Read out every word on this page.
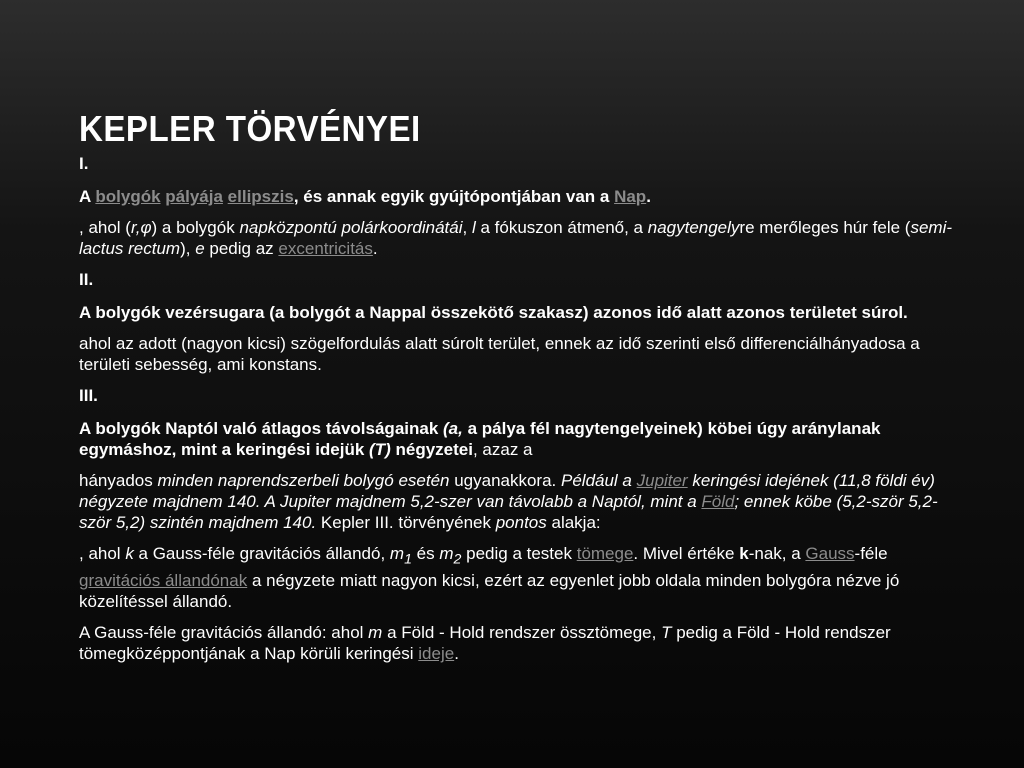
KEPLER TÖRVÉNYEI

I.

A bolygók pályája ellipszis, és annak egyik gyújtópontjában van a Nap.

, ahol (r,φ) a bolygók napközpontú polárkoordinátái, l a fókuszon átmenő, a nagytengelyre merőleges húr fele (semi-lactus rectum), e pedig az excentricitás.

II.

A bolygók vezérsugara (a bolygót a Nappal összekötő szakasz) azonos idő alatt azonos területet súrol.

ahol az adott (nagyon kicsi) szögelfordulás alatt súrolt terület, ennek az idő szerinti első differenciálhányadosa a területi sebesség, ami konstans.

III.

A bolygók Naptól való átlagos távolságainak (a, a pálya fél nagytengelyeinek) köbei úgy aránylanak egymáshoz, mint a keringési idejük (T) négyzetei, azaz a

hányados minden naprendszerbeli bolygó esetén ugyanakkora. Például a Jupiter keringési idejének (11,8 földi év) négyzete majdnem 140. A Jupiter majdnem 5,2-szer van távolabb a Naptól, mint a Föld; ennek köbe (5,2-ször 5,2-ször 5,2) szintén majdnem 140. Kepler III. törvényének pontos alakja:

, ahol k a Gauss-féle gravitációs állandó, $m_1$ és $m_2$ pedig a testek tömege. Mivel értéke k-nak, a Gauss-féle gravitációs állandónak a négyzete miatt nagyon kicsi, ezért az egyenlet jobb oldala minden bolygóra nézve jó közelítéssel állandó.

A Gauss-féle gravitációs állandó: ahol m a Föld - Hold rendszer össztömege, T pedig a Föld - Hold rendszer tömegközéppontjának a Nap körüli keringési ideje.
